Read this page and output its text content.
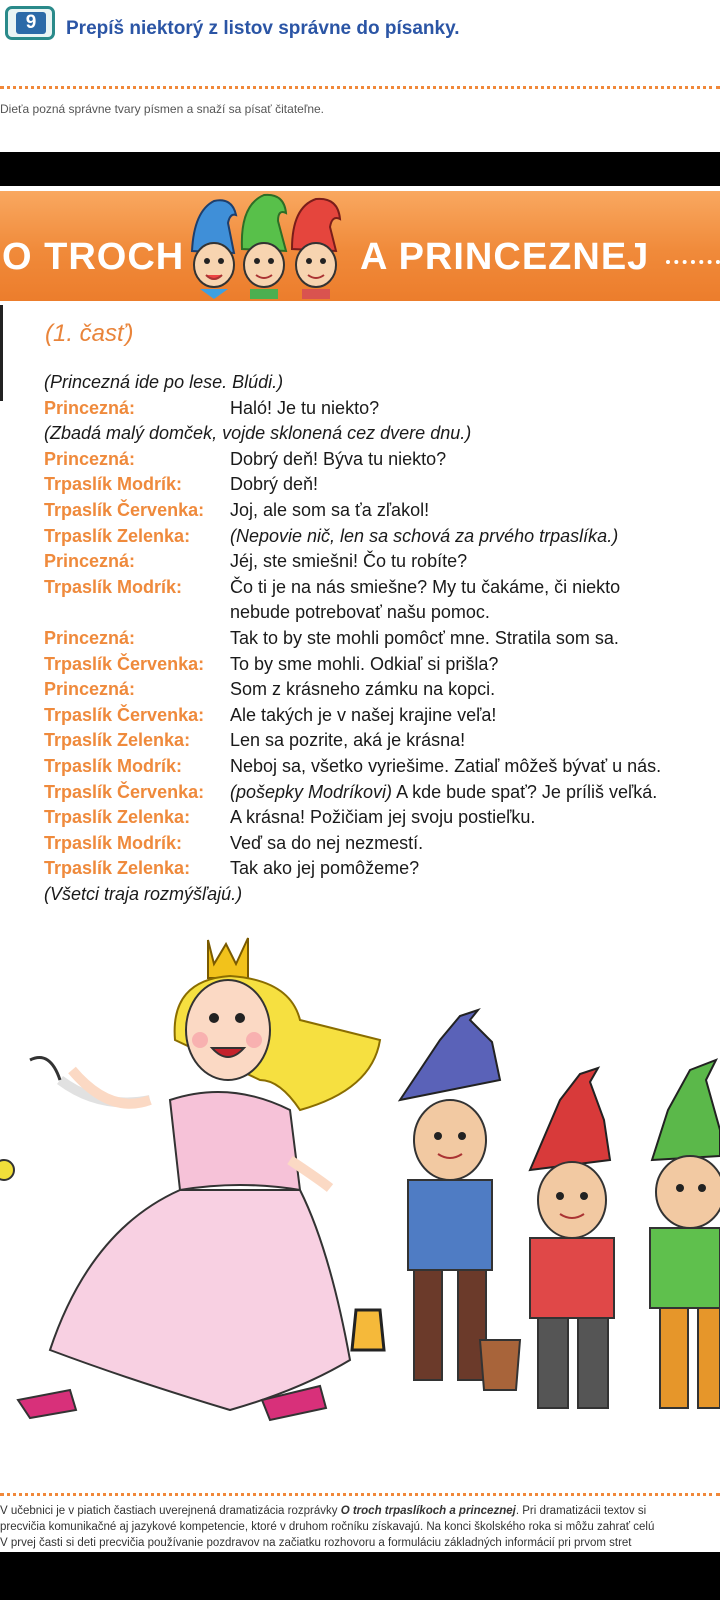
9	Prepíš niektorý z listov správne do písanky.
Dieťa pozná správne tvary písmen a snaží sa písať čitateľne.
O TROCH	A PRINCEZNEJ
(1. časť)
(Princezná ide po lese. Blúdi.)
Princezná:	Haló! Je tu niekto?
(Zbadá malý domček, vojde sklonená cez dvere dnu.)
Princezná:	Dobrý deň! Býva tu niekto?
Trpaslík Modrík:	Dobrý deň!
Trpaslík Červenka: Joj, ale som sa ťa zľakol!
Trpaslík Zelenka: (Nepovie nič, len sa schová za prvého trpaslíka.)
Princezná:	Jéj, ste smiešni! Čo tu robíte?
Trpaslík Modrík:	Čo ti je na nás smiešne? My tu čakáme, či niekto
nebude potrebovať našu pomoc.
Princezná:	Tak to by ste mohli pomôcť mne. Stratila som sa.
Trpaslík Červenka: To by sme mohli. Odkiaľ si prišla?
Princezná:	Som z krásneho zámku na kopci.
Trpaslík Červenka: Ale takých je v našej krajine veľa!
Trpaslík Zelenka: Len sa pozrite, aká je krásna!
Trpaslík Modrík:	Neboj sa, všetko vyriešime. Zatiaľ môžeš bývať u nás.
Trpaslík Červenka: (pošepky Modríkovi) A kde bude spať? Je príliš veľká.
Trpaslík Zelenka: A krásna! Požičiam jej svoju postieľku.
Trpaslík Modrík:	Veď sa do nej nezmestí.
Trpaslík Zelenka: Tak ako jej pomôžeme?
(Všetci traja rozmýšľajú.)
V učebnici je v piatich častiach uverejnená dramatizácia rozprávky O troch trpaslíkoch a princeznej. Pri dramatizácii textov si
precvičia komunikačné aj jazykové kompetencie, ktoré v druhom ročníku získavajú. Na konci školského roka si môžu zahrať celú
V prvej časti si deti precvičia používanie pozdravov na začiatku rozhovoru a formuláciu základných informácií pri prvom stret
